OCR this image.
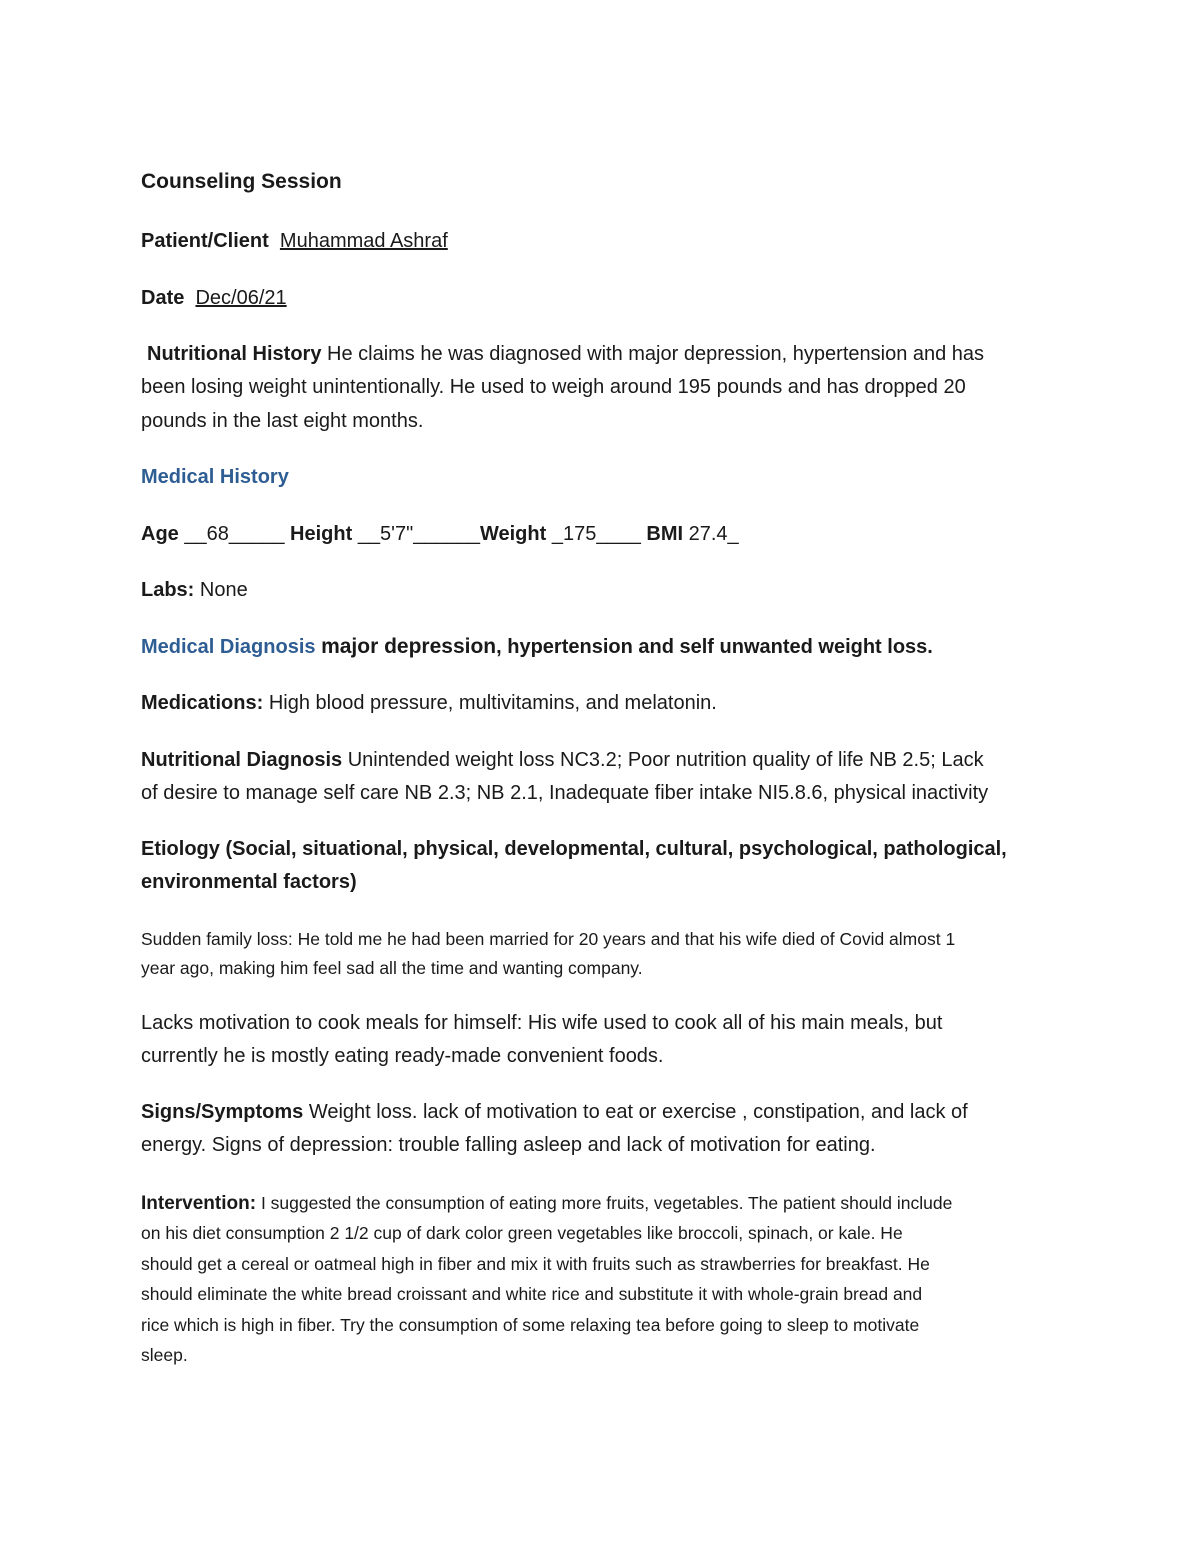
Counseling Session
Patient/Client Muhammad Ashraf
Date Dec/06/21
Nutritional History He claims he was diagnosed with major depression, hypertension and has
been losing weight unintentionally. He used to weigh around 195 pounds and has dropped 20
pounds in the last eight months.
Medical History
Age __68_____ Height __5'7"______Weight _175____ BMI 27.4_
Labs: None
Medical Diagnosis major depression, hypertension and self unwanted weight loss.
Medications: High blood pressure, multivitamins, and melatonin.
Nutritional Diagnosis Unintended weight loss NC3.2; Poor nutrition quality of life NB 2.5; Lack
of desire to manage self care NB 2.3; NB 2.1, Inadequate fiber intake NI5.8.6, physical inactivity
Etiology (Social, situational, physical, developmental, cultural, psychological, pathological,
environmental factors)
Sudden family loss: He told me he had been married for 20 years and that his wife died of Covid almost 1
year ago, making him feel sad all the time and wanting company.
Lacks motivation to cook meals for himself: His wife used to cook all of his main meals, but
currently he is mostly eating ready-made convenient foods.
Signs/Symptoms Weight loss. lack of motivation to eat or exercise , constipation, and lack of
energy. Signs of depression: trouble falling asleep and lack of motivation for eating.
Intervention: I suggested the consumption of eating more fruits, vegetables. The patient should include
on his diet consumption 2 1/2 cup of dark color green vegetables like broccoli, spinach, or kale. He
should get a cereal or oatmeal high in fiber and mix it with fruits such as strawberries for breakfast. He
should eliminate the white bread croissant and white rice and substitute it with whole-grain bread and
rice which is high in fiber. Try the consumption of some relaxing tea before going to sleep to motivate
sleep.
